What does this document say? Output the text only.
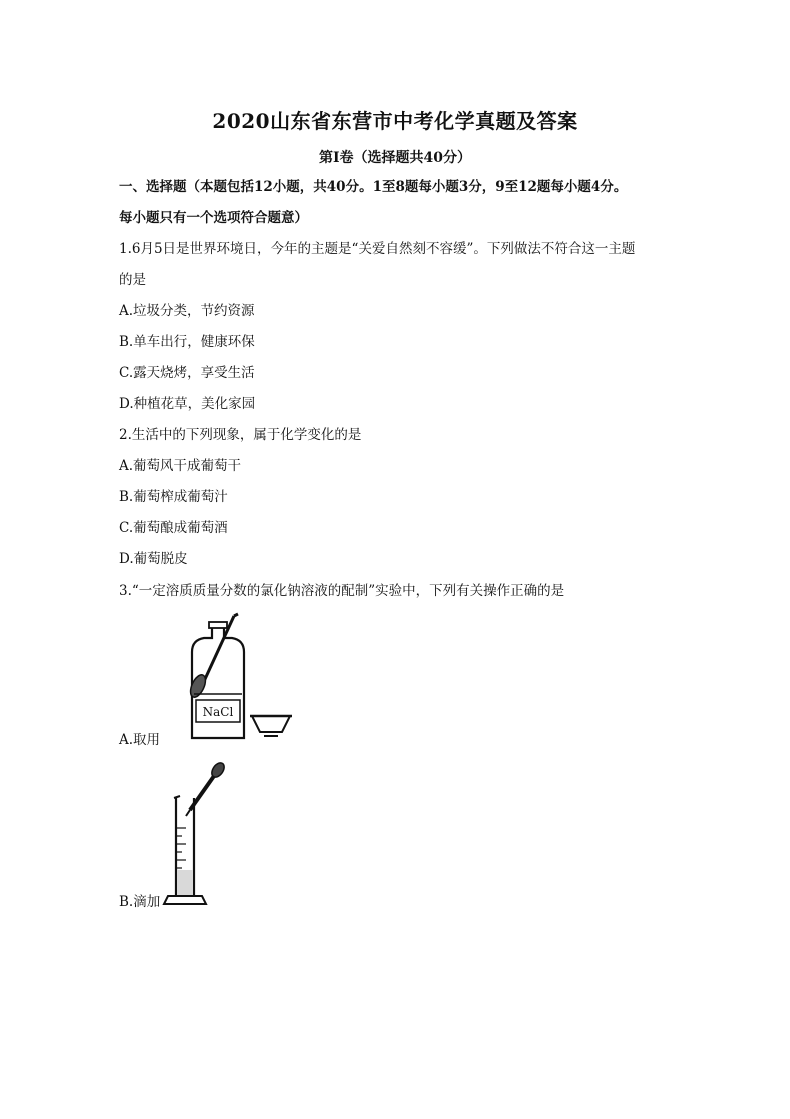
2020山东省东营市中考化学真题及答案
第Ⅰ卷（选择题共40分）
一、选择题（本题包括12小题，共40分。1至8题每小题3分，9至12题每小题4分。
每小题只有一个选项符合题意）
1.6月5日是世界环境日，今年的主题是“关爱自然刻不容缓”。下列做法不符合这一主题
的是
A.垃圾分类，节约资源
B.单车出行，健康环保
C.露天烧烤，享受生活
D.种植花草，美化家园
2.生活中的下列现象，属于化学变化的是
A.葡萄风干成葡萄干
B.葡萄榨成葡萄汁
C.葡萄酿成葡萄酒
D.葡萄脱皮
3.“一定溶质质量分数的氯化钠溶液的配制”实验中，下列有关操作正确的是
NaCl
A.取用
B.滴加
